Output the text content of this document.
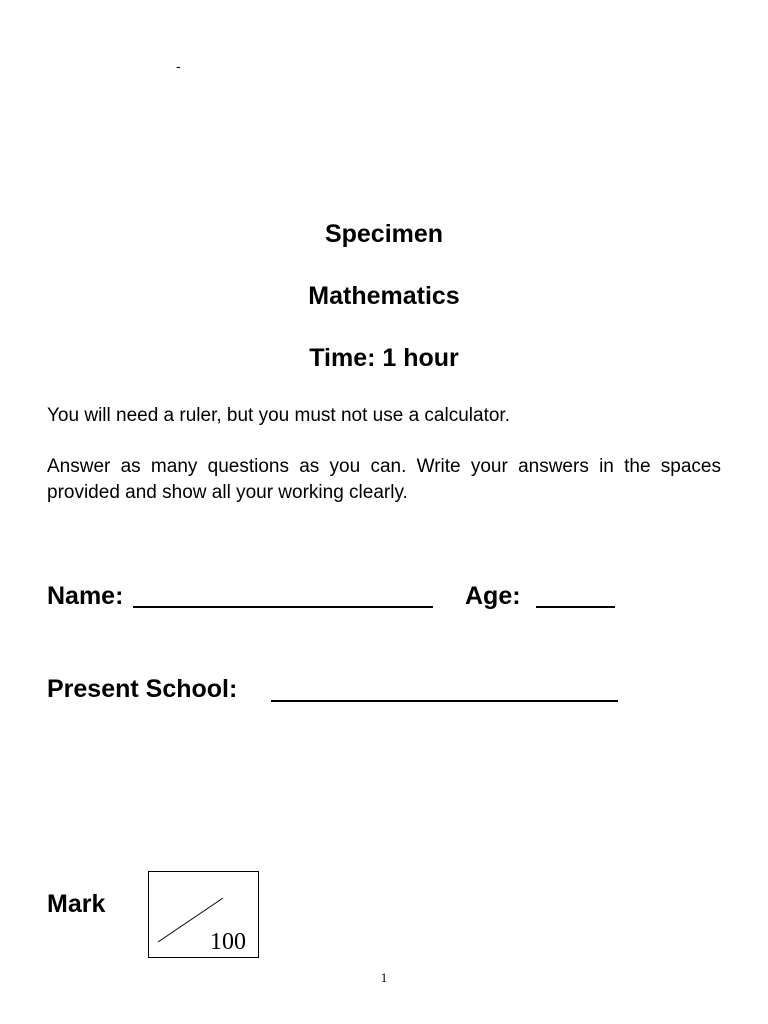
-
Specimen
Mathematics
Time: 1 hour
You will need a ruler, but you must not use a calculator.
Answer as many questions as you can. Write your answers in the spaces provided and show all your working clearly.
Name:	Age:
Present School:
Mark
100
1
